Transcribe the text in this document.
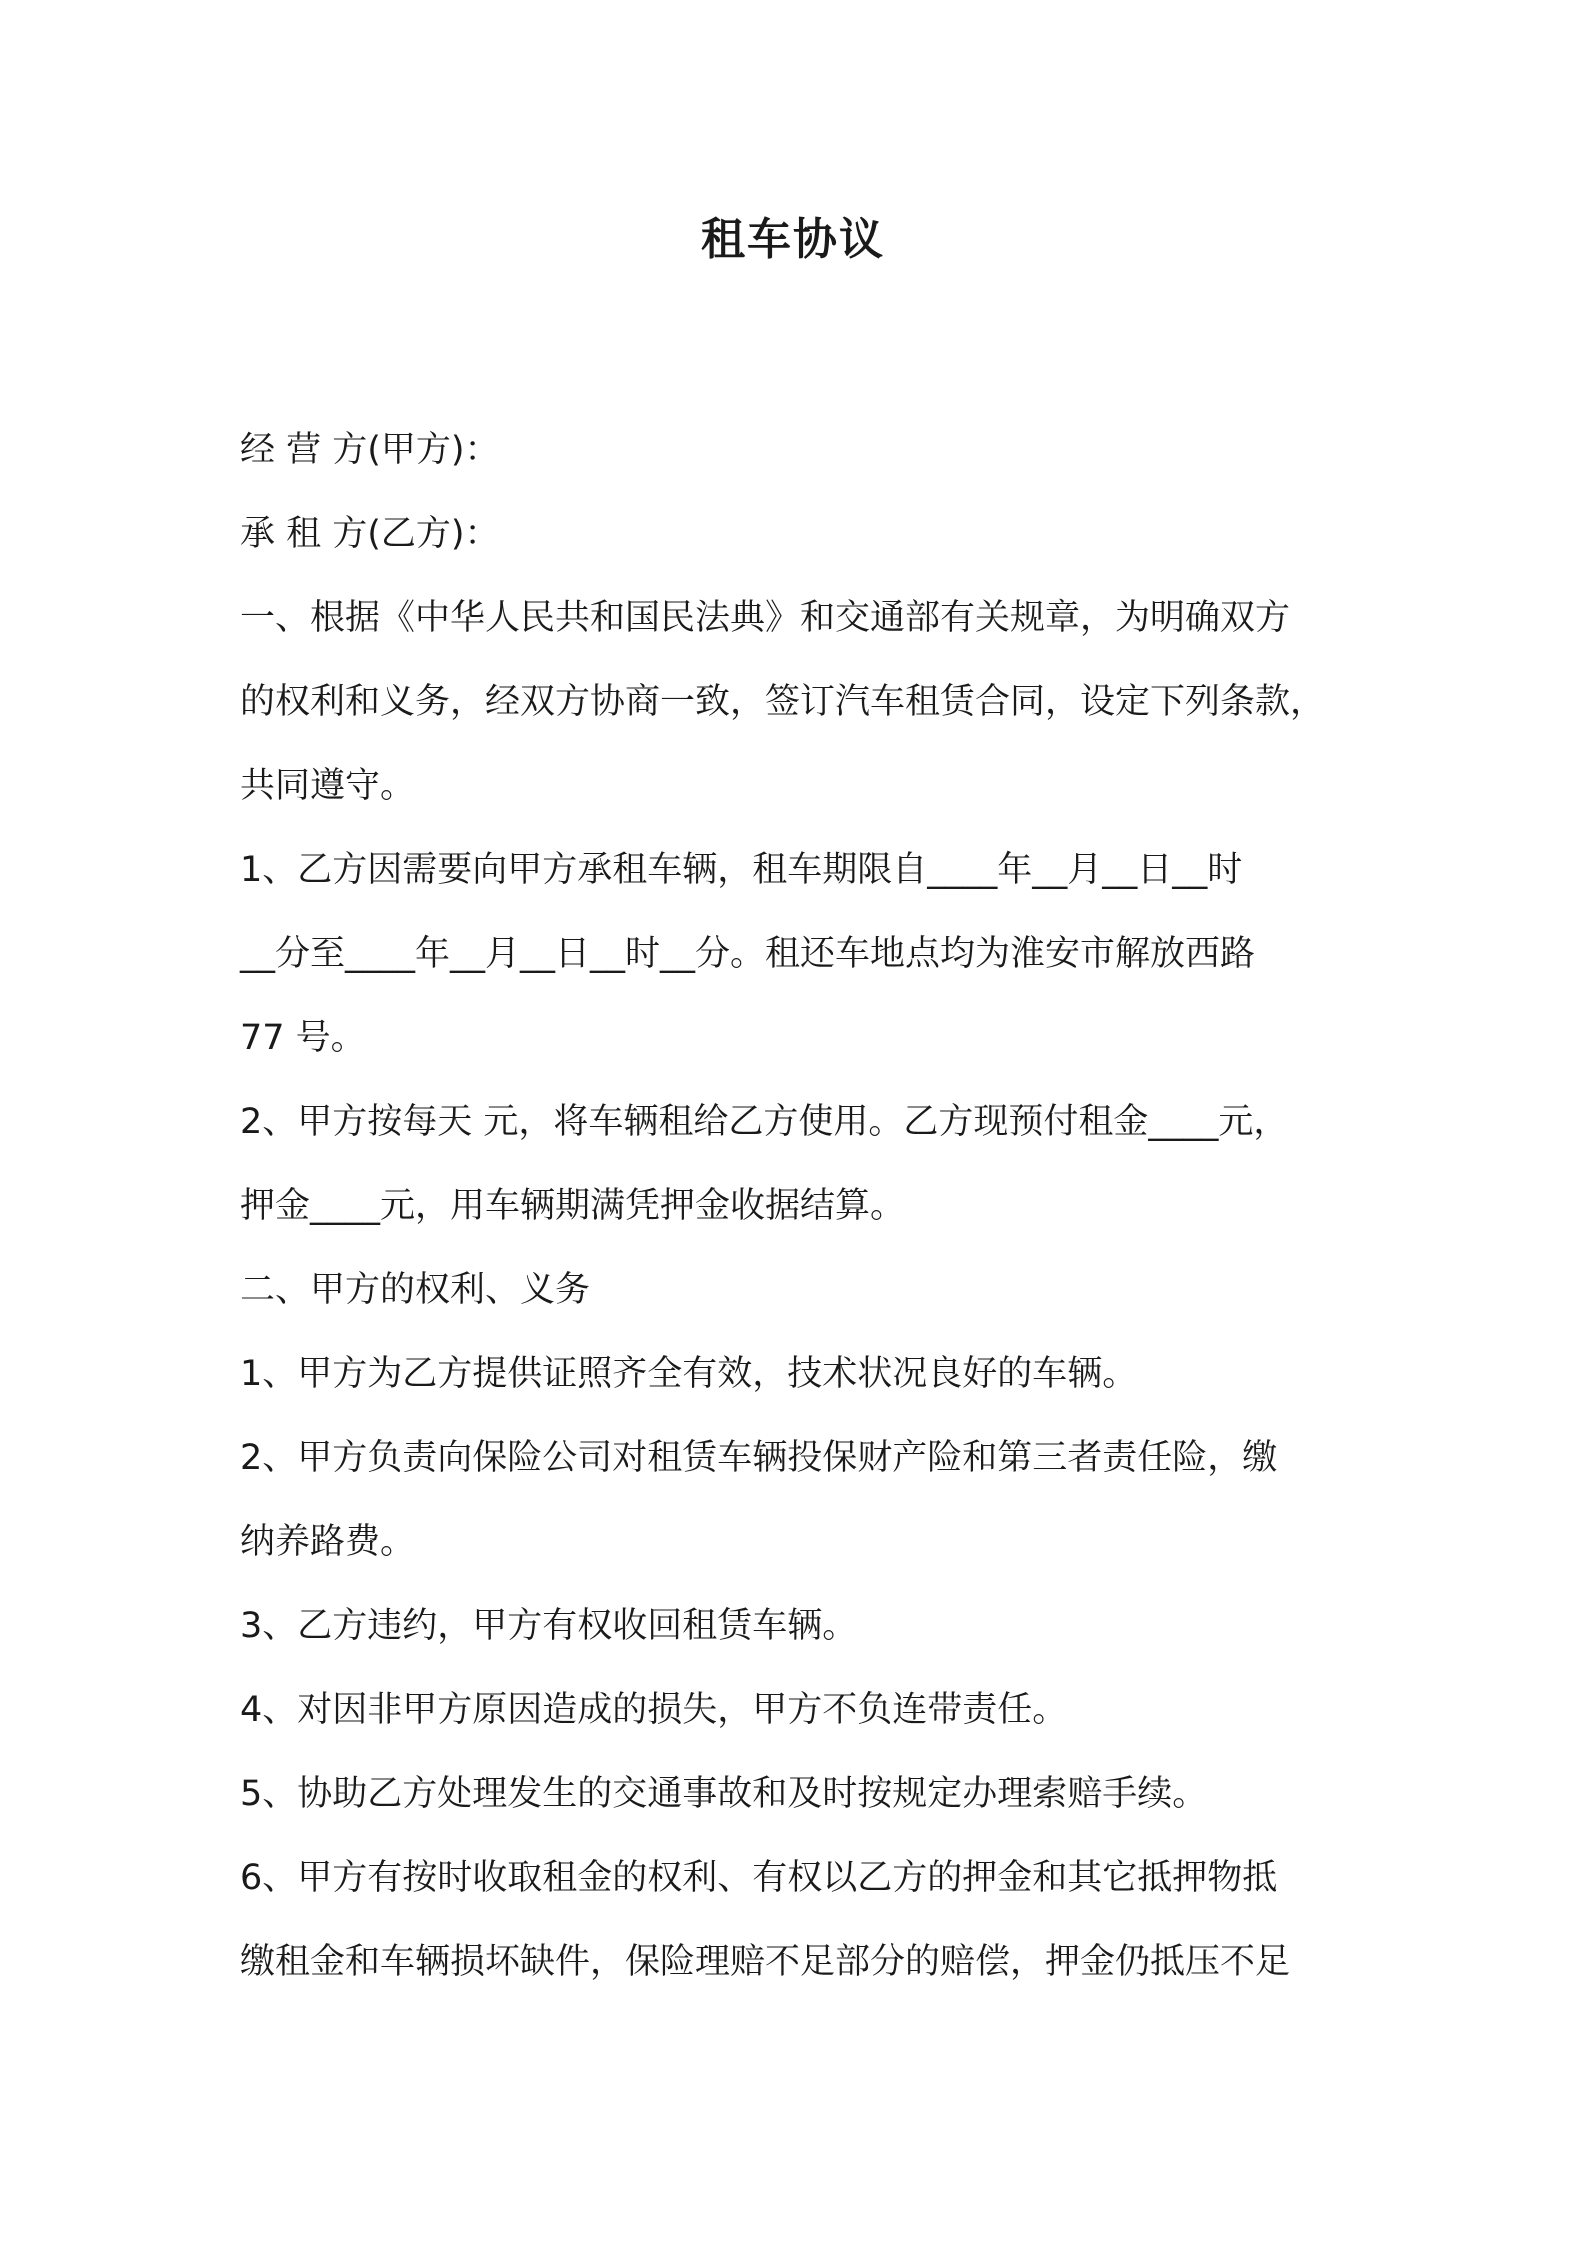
租车协议

经 营 方(甲方)：

承 租 方(乙方)：

一、根据《中华人民共和国民法典》和交通部有关规章，为明确双方

的权利和义务，经双方协商一致，签订汽车租赁合同，设定下列条款，

共同遵守。

1、乙方因需要向甲方承租车辆，租车期限自____年__月__日__时

__分至____年__月__日__时__分。租还车地点均为淮安市解放西路

77 号。

2、甲方按每天 元，将车辆租给乙方使用。乙方现预付租金____元，

押金____元，用车辆期满凭押金收据结算。

二、甲方的权利、义务

1、甲方为乙方提供证照齐全有效，技术状况良好的车辆。

2、甲方负责向保险公司对租赁车辆投保财产险和第三者责任险，缴

纳养路费。

3、乙方违约，甲方有权收回租赁车辆。

4、对因非甲方原因造成的损失，甲方不负连带责任。

5、协助乙方处理发生的交通事故和及时按规定办理索赔手续。

6、甲方有按时收取租金的权利、有权以乙方的押金和其它抵押物抵

缴租金和车辆损坏缺件，保险理赔不足部分的赔偿，押金仍抵压不足
